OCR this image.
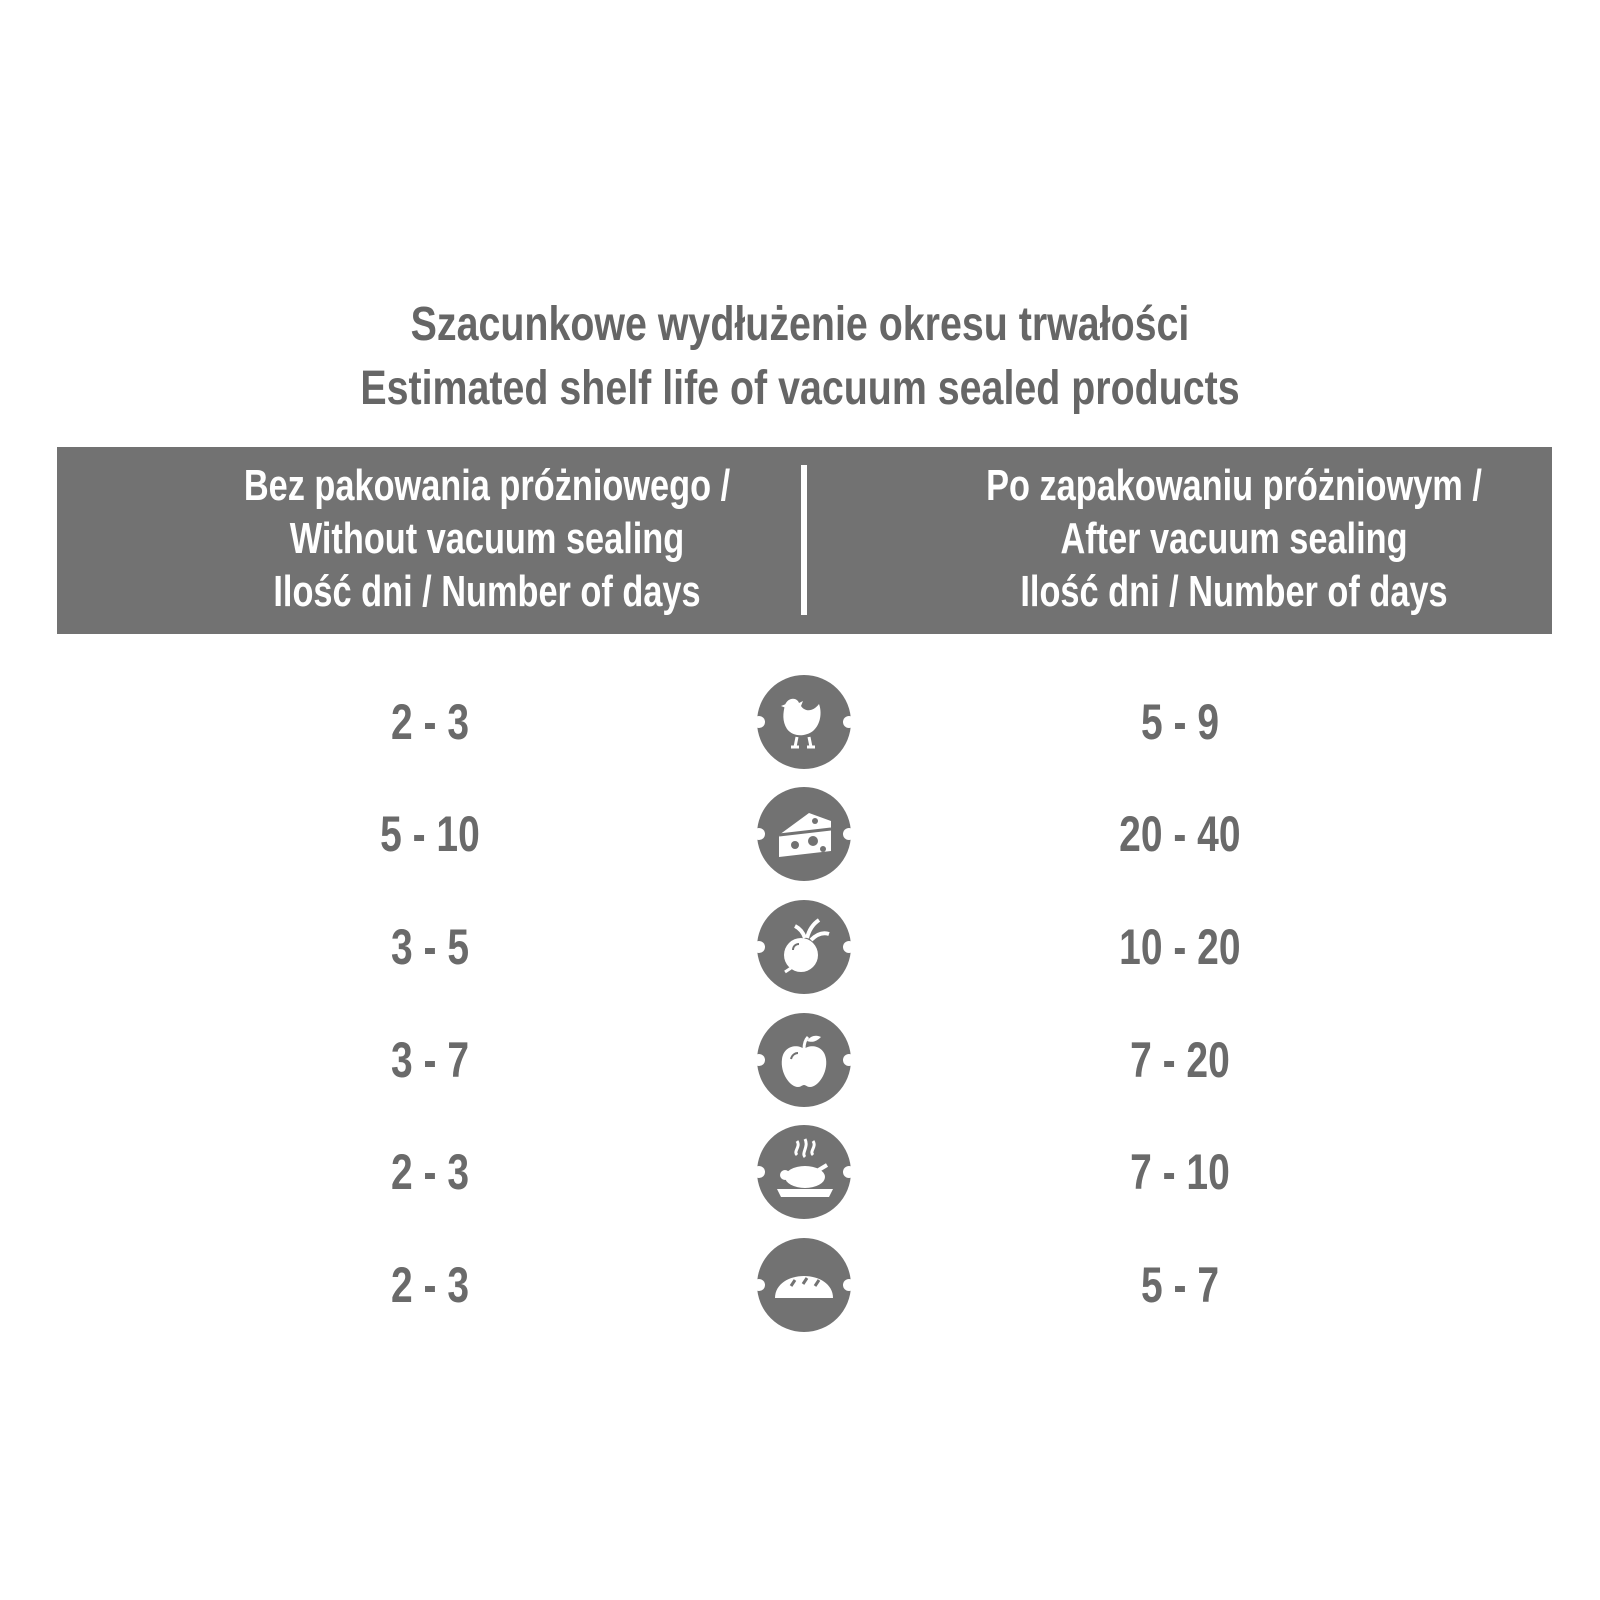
Szacunkowe wydłużenie okresu trwałości
Estimated shelf life of vacuum sealed products
Bez pakowania próżniowego /
Without vacuum sealing
Ilość dni / Number of days
Po zapakowaniu próżniowym /
After vacuum sealing
Ilość dni / Number of days
2 - 3	5 - 9
5 - 10	20 - 40
3 - 5	10 - 20
3 - 7	7 - 20
2 - 3	7 - 10
2 - 3	5 - 7
